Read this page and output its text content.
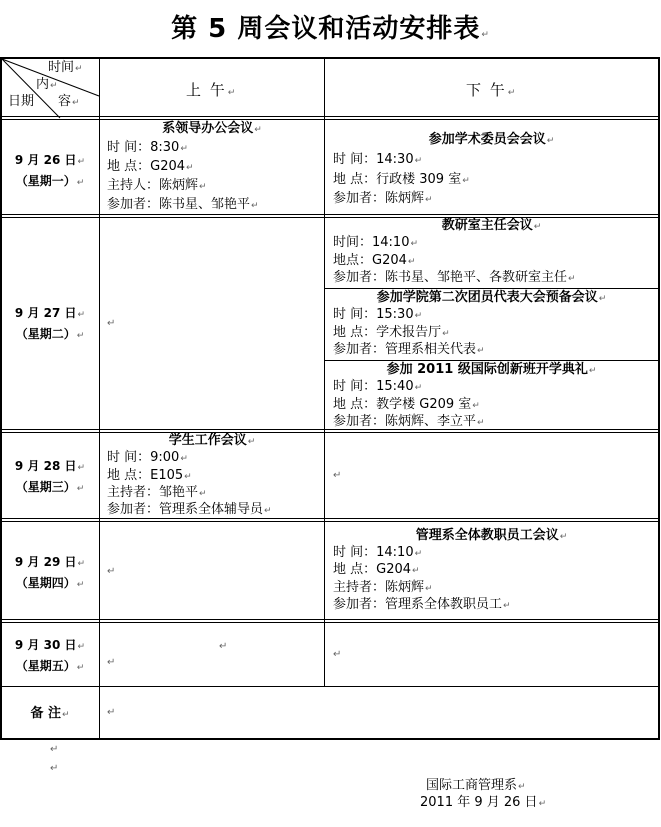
第 5 周会议和活动安排表↵
时间↵
内↵
日期 容↵
上 午↵	下 午↵
9 月 26 日↵
（星期一）↵
系领导办公会议↵
时 间：8:30↵
地 点：G204↵
主持人：陈炳辉↵
参加者：陈书星、邹艳平↵
参加学术委员会会议↵
时 间：14:30↵
地 点：行政楼 309 室↵
参加者：陈炳辉↵
9 月 27 日↵
（星期二）↵
↵
教研室主任会议↵
时间：14:10↵
地点：G204↵
参加者：陈书星、邹艳平、各教研室主任↵
参加学院第二次团员代表大会预备会议↵
时 间：15:30↵
地 点：学术报告厅↵
参加者：管理系相关代表↵
参加 2011 级国际创新班开学典礼↵
时 间：15:40↵
地 点：教学楼 G209 室↵
参加者：陈炳辉、李立平↵
9 月 28 日↵
（星期三）↵
学生工作会议↵
时 间：9:00↵
地 点：E105↵
主持者：邹艳平↵
参加者：管理系全体辅导员↵
↵
9 月 29 日↵
（星期四）↵
↵
管理系全体教职员工会议↵
时 间：14:10↵
地 点：G204↵
主持者：陈炳辉↵
参加者：管理系全体教职员工↵
9 月 30 日↵
（星期五）↵
↵
↵
↵
备 注↵	↵
↵
↵
国际工商管理系↵
2011 年 9 月 26 日↵
